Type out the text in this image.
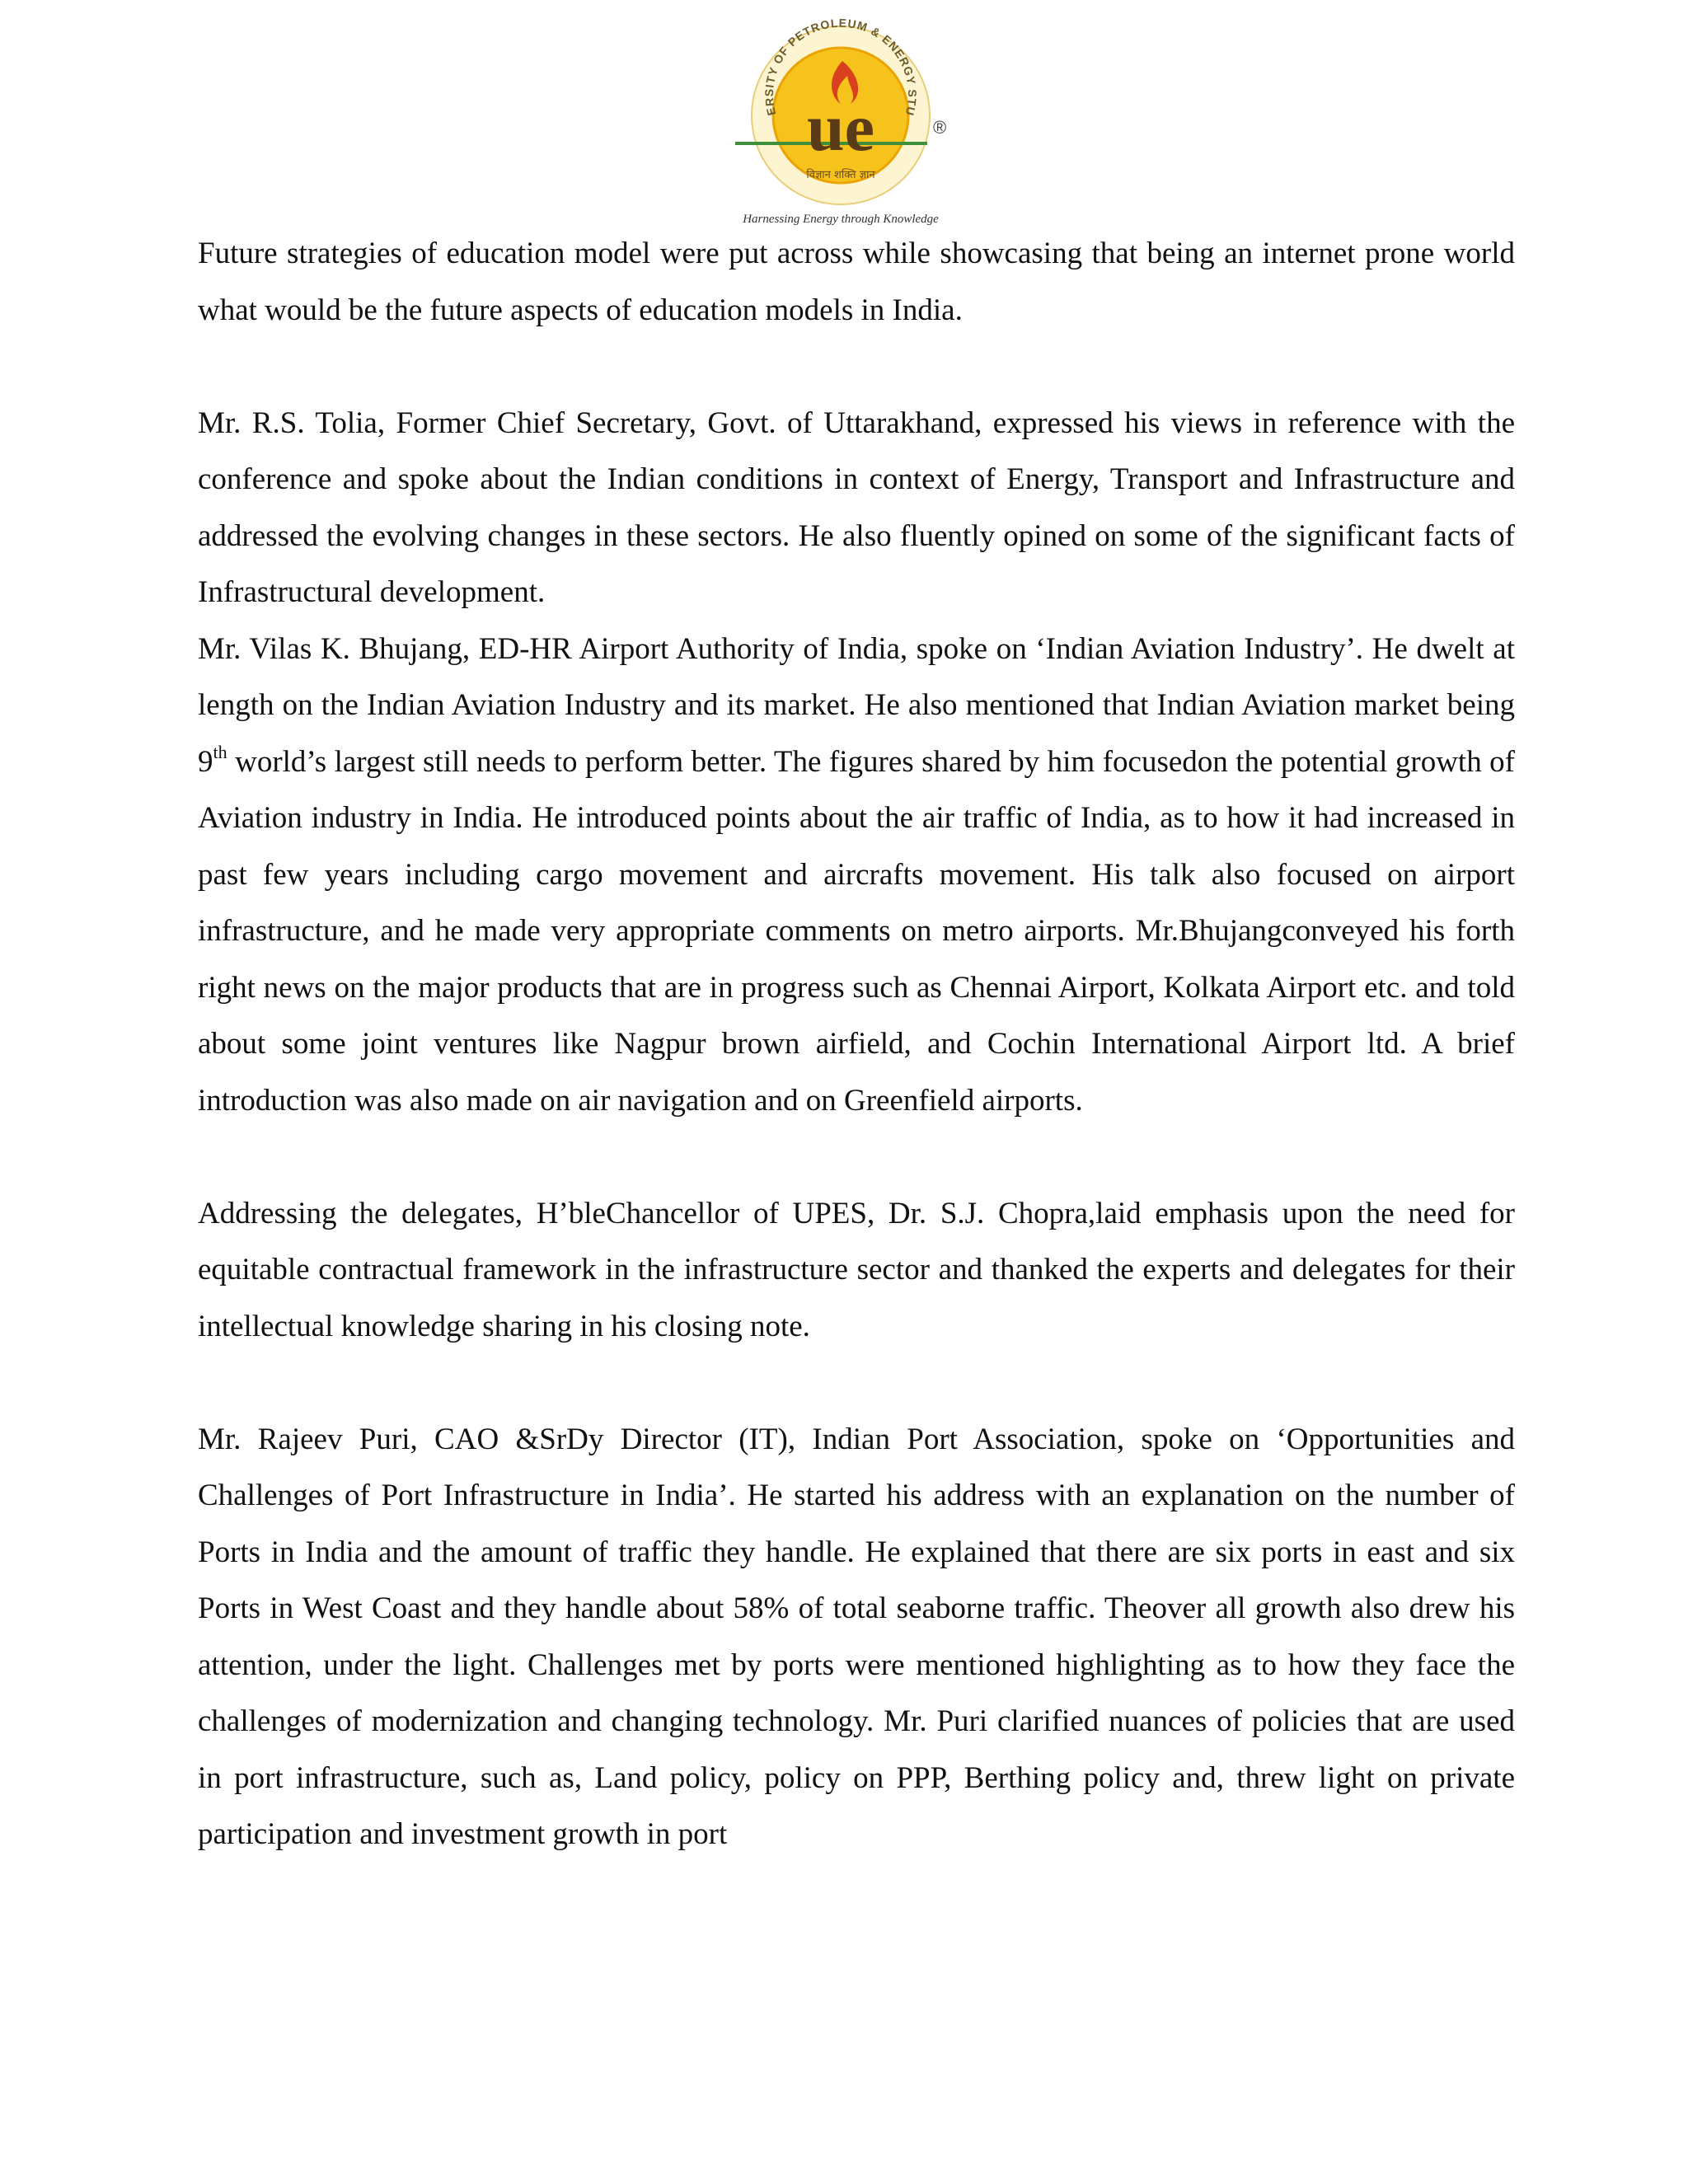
ERSITY OF PETROLEUM & ENERGY STU
ue	®
विज्ञान शक्ति ज्ञान
Harnessing Energy through Knowledge

Future strategies of education model were put across while showcasing that being an internet prone world what would be the future aspects of education models in India.

Mr. R.S. Tolia, Former Chief Secretary, Govt. of Uttarakhand, expressed his views in reference with the conference and spoke about the Indian conditions in context of Energy, Transport and Infrastructure and addressed the evolving changes in these sectors. He also fluently opined on some of the significant facts of Infrastructural development.

Mr. Vilas K. Bhujang, ED-HR Airport Authority of India, spoke on ‘Indian Aviation Industry’. He dwelt at length on the Indian Aviation Industry and its market. He also mentioned that Indian Aviation market being 9th world’s largest still needs to perform better. The figures shared by him focusedon the potential growth of Aviation industry in India. He introduced points about the air traffic of India, as to how it had increased in past few years including cargo movement and aircrafts movement. His talk also focused on airport infrastructure, and he made very appropriate comments on metro airports. Mr.Bhujangconveyed his forth right news on the major products that are in progress such as Chennai Airport, Kolkata Airport etc. and told about some joint ventures like Nagpur brown airfield, and Cochin International Airport ltd. A brief introduction was also made on air navigation and on Greenfield airports.

Addressing the delegates, H’bleChancellor of UPES, Dr. S.J. Chopra,laid emphasis upon the need for equitable contractual framework in the infrastructure sector and thanked the experts and delegates for their intellectual knowledge sharing in his closing note.

Mr. Rajeev Puri, CAO &SrDy Director (IT), Indian Port Association, spoke on ‘Opportunities and Challenges of Port Infrastructure in India’. He started his address with an explanation on the number of Ports in India and the amount of traffic they handle. He explained that there are six ports in east and six Ports in West Coast and they handle about 58% of total seaborne traffic. Theover all growth also drew his attention, under the light. Challenges met by ports were mentioned highlighting as to how they face the challenges of modernization and changing technology. Mr. Puri clarified nuances of policies that are used in port infrastructure, such as, Land policy, policy on PPP, Berthing policy and, threw light on private participation and investment growth in port
